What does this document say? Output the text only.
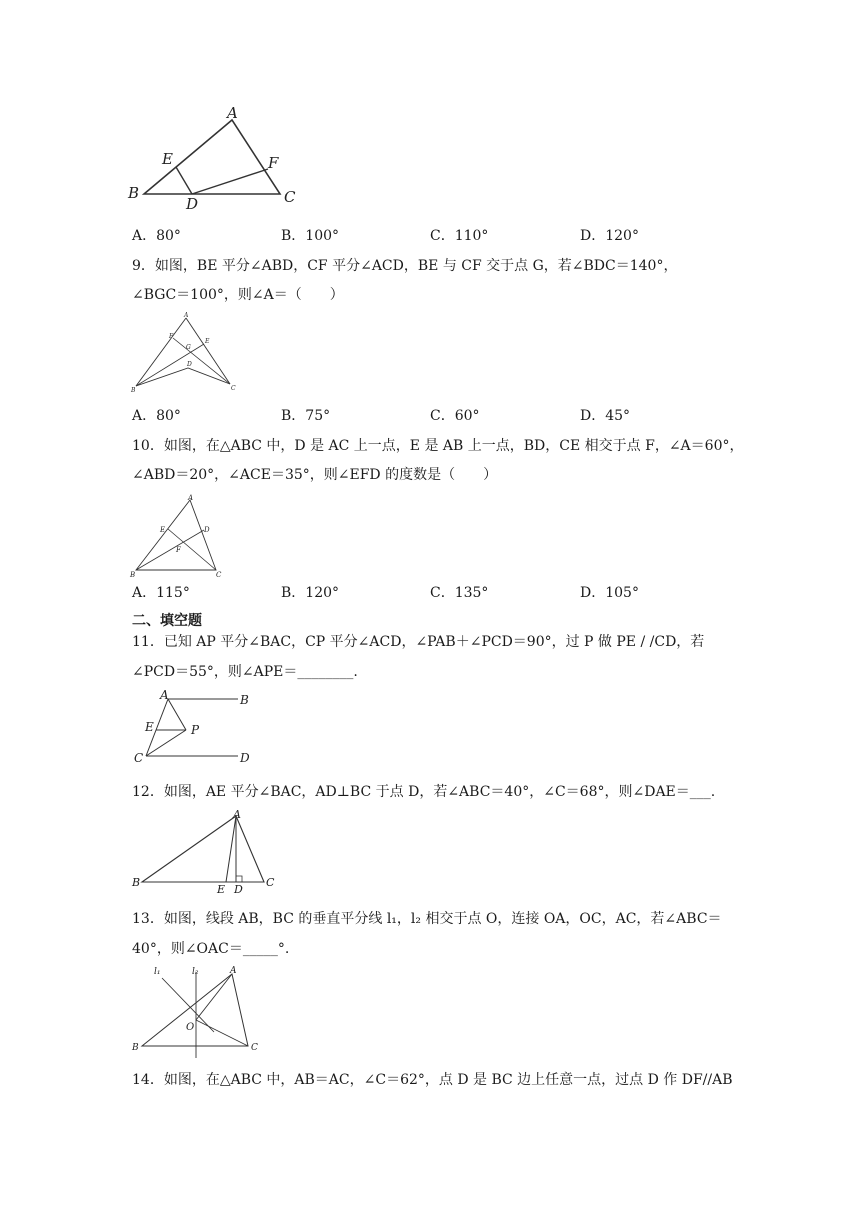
A
B	C
D
E	F
A．80°	B．100°	C．110°	D．120°
9．如图，BE 平分∠ABD，CF 平分∠ACD，BE 与 CF 交于点 G，若∠BDC＝140°，
∠BGC＝100°，则∠A＝（　　）
A
B	C
D
E
F
G
A．80°	B．75°	C．60°	D．45°
10．如图，在△ABC 中，D 是 AC 上一点，E 是 AB 上一点，BD，CE 相交于点 F，∠A＝60°，
∠ABD＝20°，∠ACE＝35°，则∠EFD 的度数是（　　）
A
B	C
D
E
F
A．115°	B．120°	C．135°	D．105°
二、填空题
11．已知 AP 平分∠BAC，CP 平分∠ACD，∠PAB＋∠PCD＝90°，过 P 做 PE / /CD，若
∠PCD＝55°，则∠APE＝________.
A	B
C	D
E	P
12．如图，AE 平分∠BAC，AD⊥BC 于点 D，若∠ABC＝40°，∠C＝68°，则∠DAE＝___.
A
B	C
D
E
13．如图，线段 AB，BC 的垂直平分线 l₁，l₂ 相交于点 O，连接 OA，OC，AC，若∠ABC＝
40°，则∠OAC＝_____°.
A
B	C
O
l₁	l₂
14．如图，在△ABC 中，AB＝AC，∠C＝62°，点 D 是 BC 边上任意一点，过点 D 作 DF//AB
